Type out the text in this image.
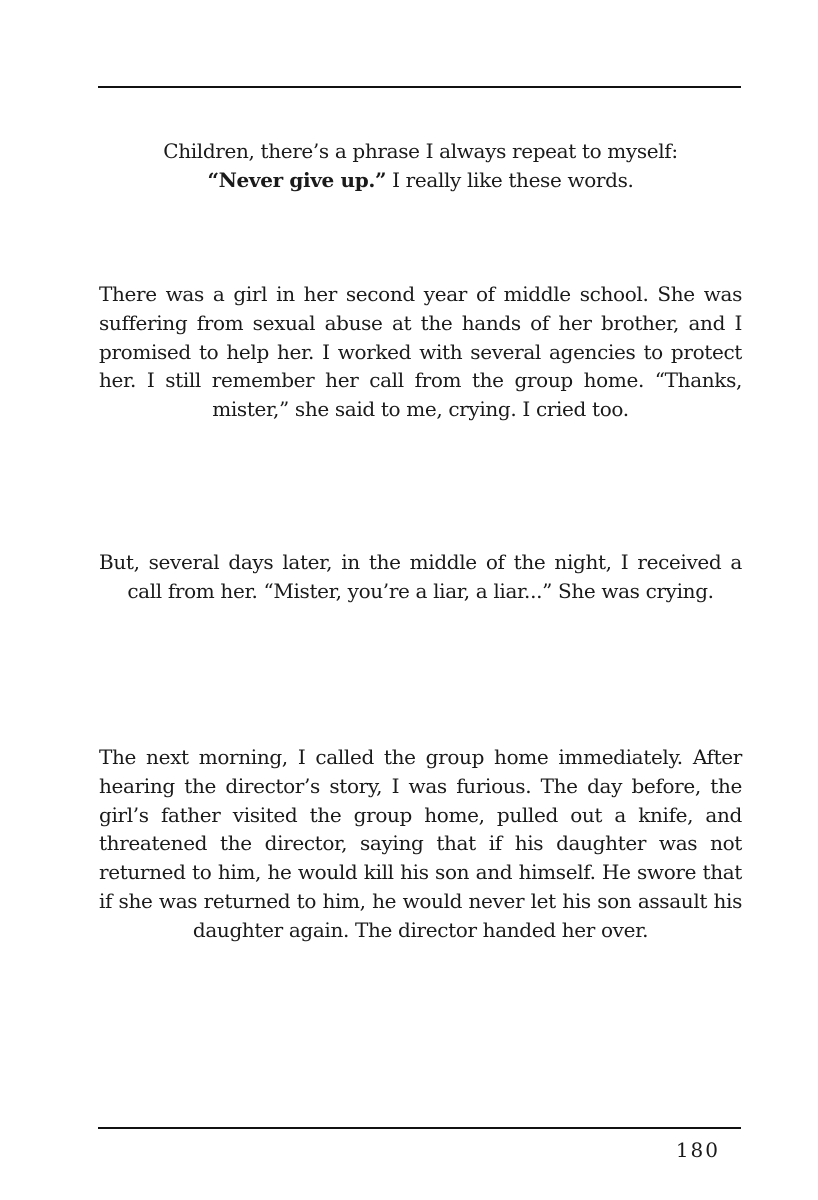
Children, there’s a phrase I always repeat to myself:
“Never give up.” I really like these words.
There was a girl in her second year of middle school. She was suffering from sexual abuse at the hands of her brother, and I promised to help her. I worked with several agencies to protect her. I still remember her call from the group home. “Thanks, mister,” she said to me, crying. I cried too.
But, several days later, in the middle of the night, I received a call from her. “Mister, you’re a liar, a liar...” She was crying.
The next morning, I called the group home immediately. After hearing the director’s story, I was furious. The day before, the girl’s father visited the group home, pulled out a knife, and threatened the director, saying that if his daughter was not returned to him, he would kill his son and himself. He swore that if she was returned to him, he would never let his son assault his daughter again. The director handed her over.
180
